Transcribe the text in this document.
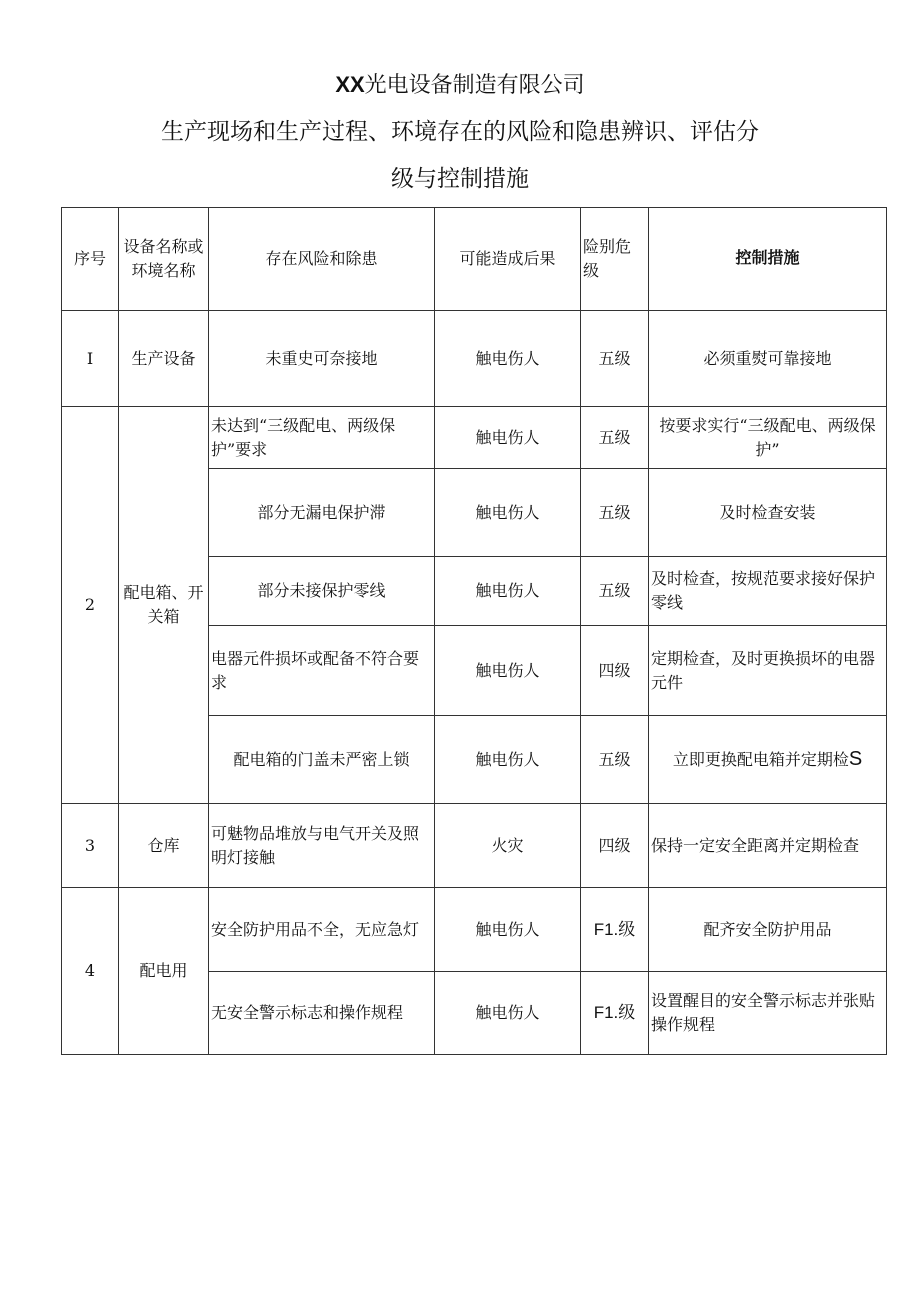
XX光电设备制造有限公司
生产现场和生产过程、环境存在的风险和隐患辨识、评估分
级与控制措施
序号	设备名称或环境名称	存在风险和除患	可能造成后果	险别危级	控制措施
I	生产设备	未重史可奈接地	触电伤人	五级	必须重熨可靠接地
2	配电箱、开关箱	未达到“三级配电、两级保护”要求	触电伤人	五级	按要求实行“三级配电、两级保护”
		部分无漏电保护滞	触电伤人	五级	及时检查安装
		部分未接保护零线	触电伤人	五级	及时检查，按规范要求接好保护零线
		电器元件损坏或配备不符合要求	触电伤人	四级	定期检查，及时更换损坏的电器元件
		配电箱的门盖未严密上锁	触电伤人	五级	立即更换配电箱并定期检S
3	仓库	可魅物品堆放与电气开关及照明灯接触	火灾	四级	保持一定安全距离并定期检查
4	配电用	安全防护用品不全，无应急灯	触电伤人	F1.级	配齐安全防护用品
		无安全警示标志和操作规程	触电伤人	F1.级	设置醒目的安全警示标志并张贴操作规程
